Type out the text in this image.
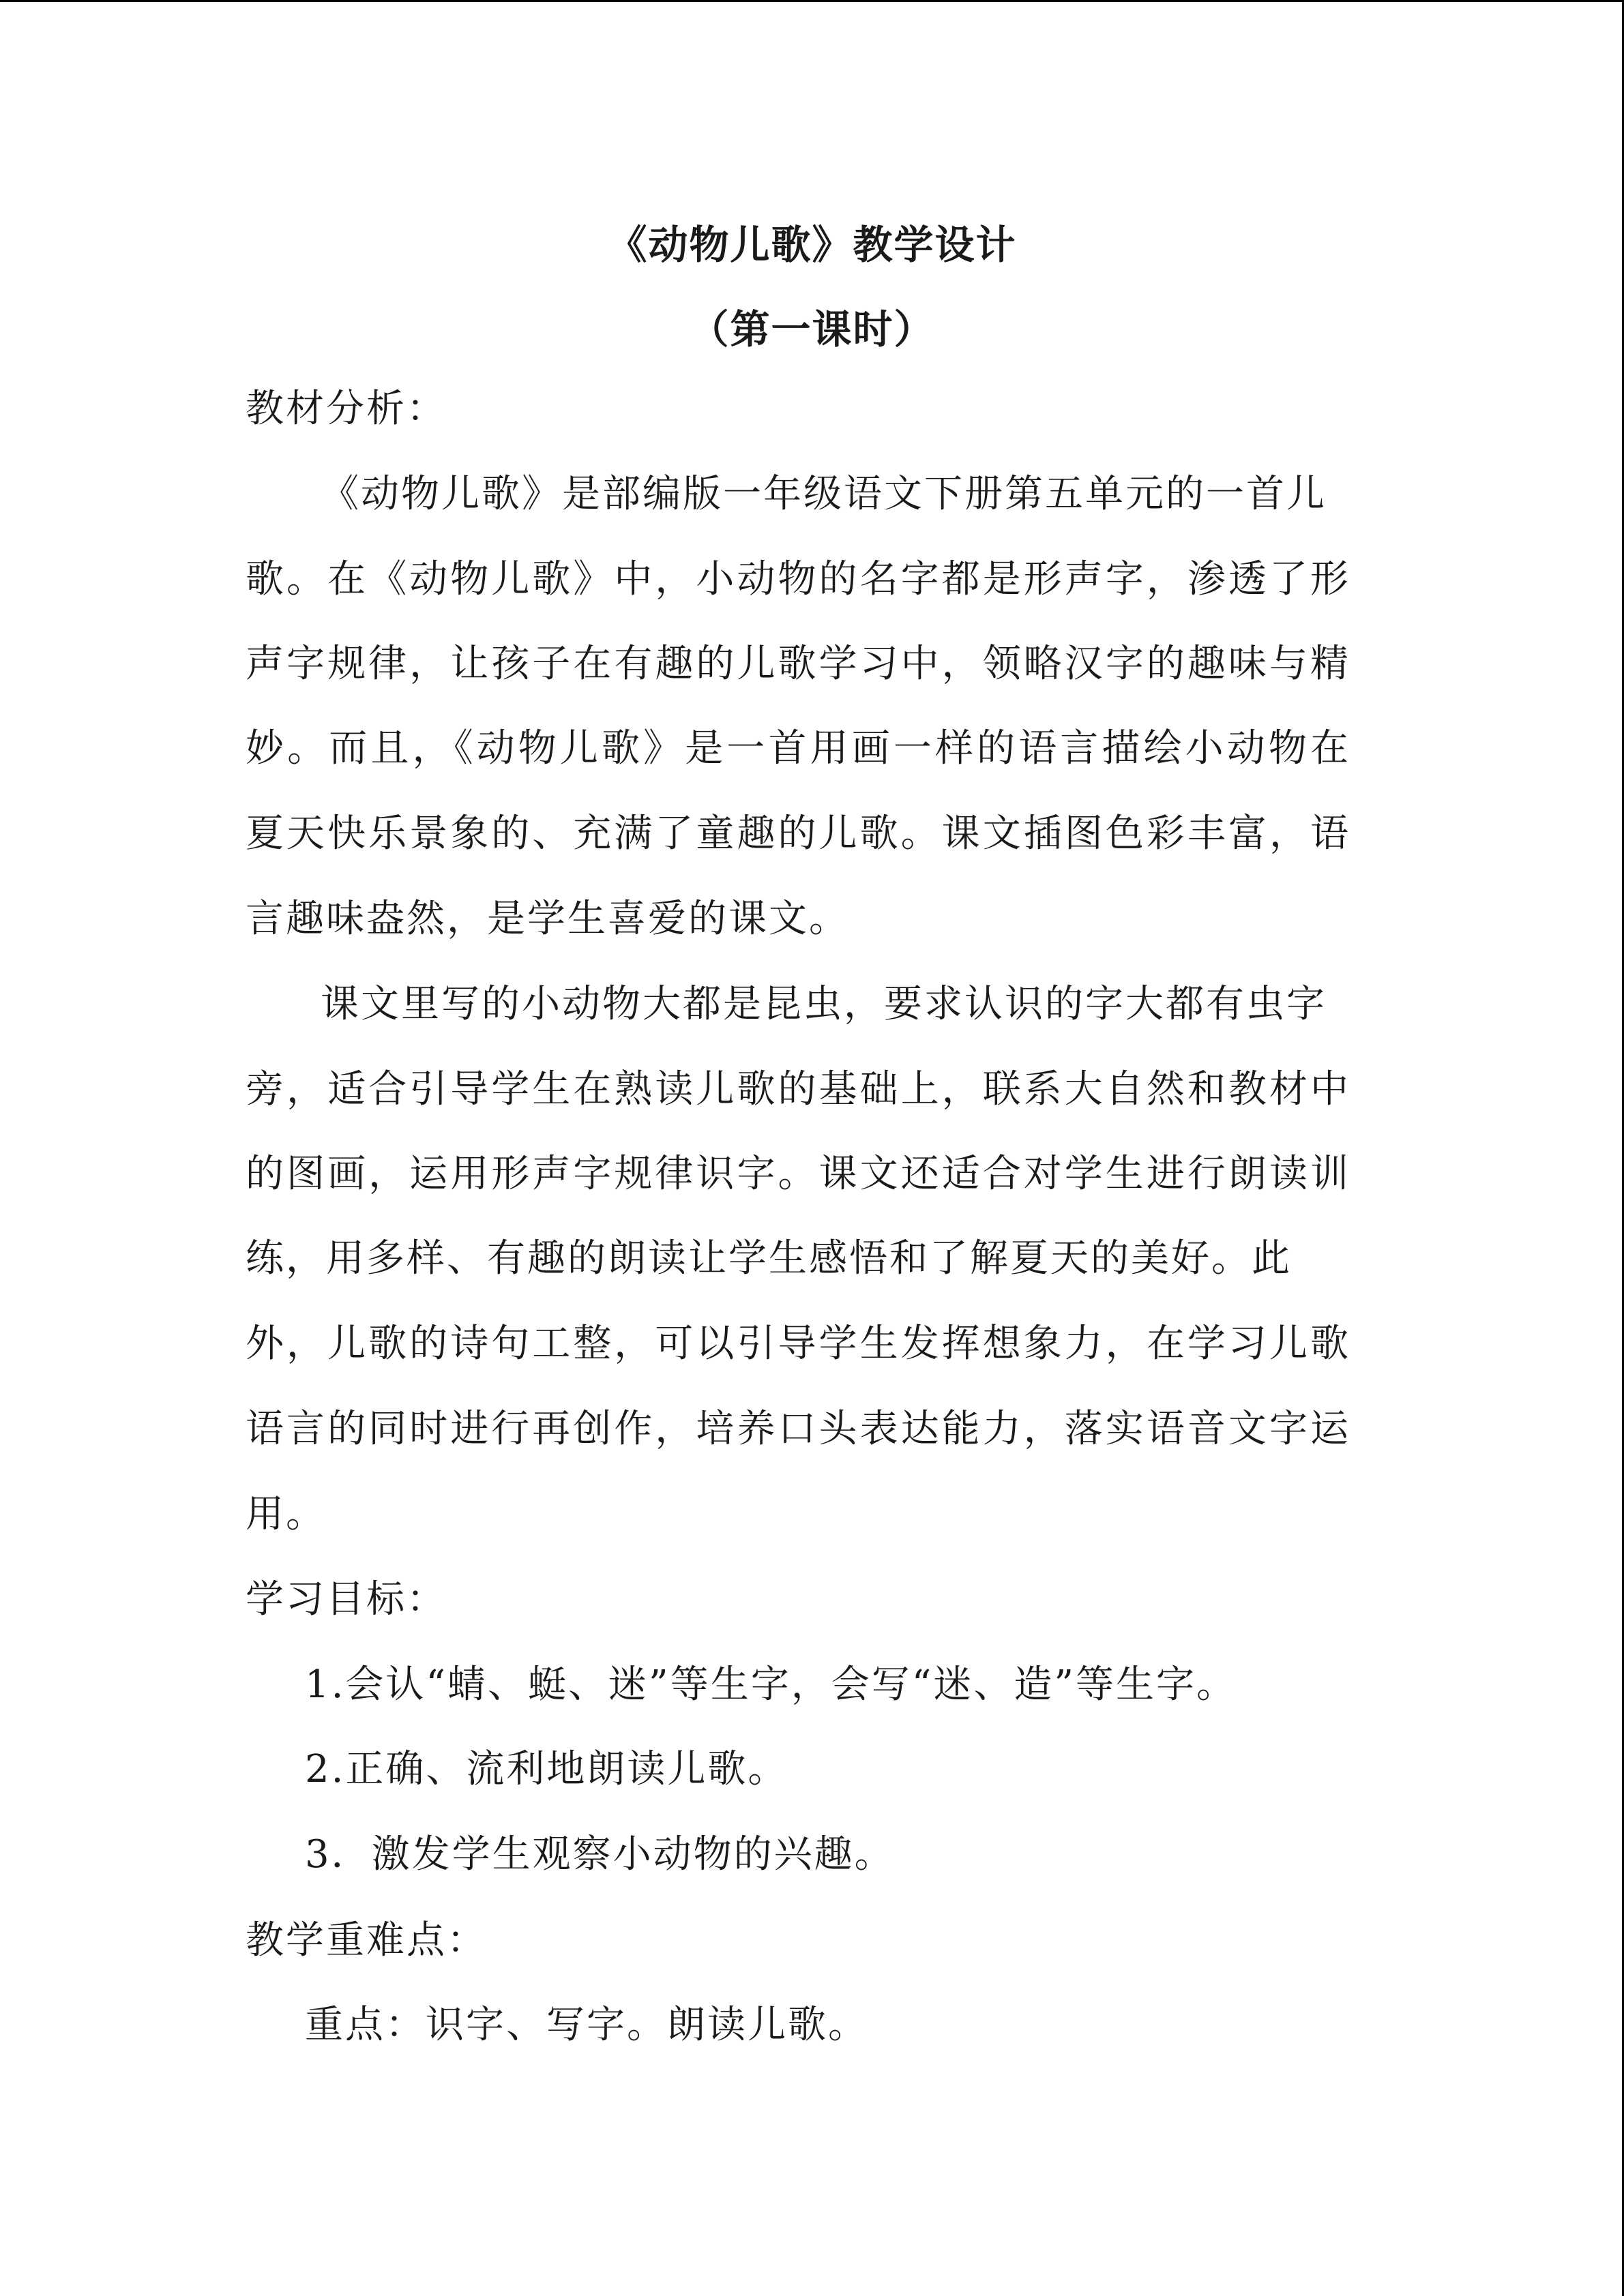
《动物儿歌》教学设计
（第一课时）
教材分析：
《动物儿歌》是部编版一年级语文下册第五单元的一首儿
歌。在《动物儿歌》中，小动物的名字都是形声字，渗透了形
声字规律，让孩子在有趣的儿歌学习中，领略汉字的趣味与精
妙。而且，《动物儿歌》是一首用画一样的语言描绘小动物在
夏天快乐景象的、充满了童趣的儿歌。课文插图色彩丰富，语
言趣味盎然，是学生喜爱的课文。
课文里写的小动物大都是昆虫，要求认识的字大都有虫字
旁，适合引导学生在熟读儿歌的基础上，联系大自然和教材中
的图画，运用形声字规律识字。课文还适合对学生进行朗读训
练，用多样、有趣的朗读让学生感悟和了解夏天的美好。此
外，儿歌的诗句工整，可以引导学生发挥想象力，在学习儿歌
语言的同时进行再创作，培养口头表达能力，落实语音文字运
用。
学习目标：
1.会认“蜻、蜓、迷”等生字，会写“迷、造”等生字。
2.正确、流利地朗读儿歌。
3．激发学生观察小动物的兴趣。
教学重难点：
重点：识字、写字。朗读儿歌。
